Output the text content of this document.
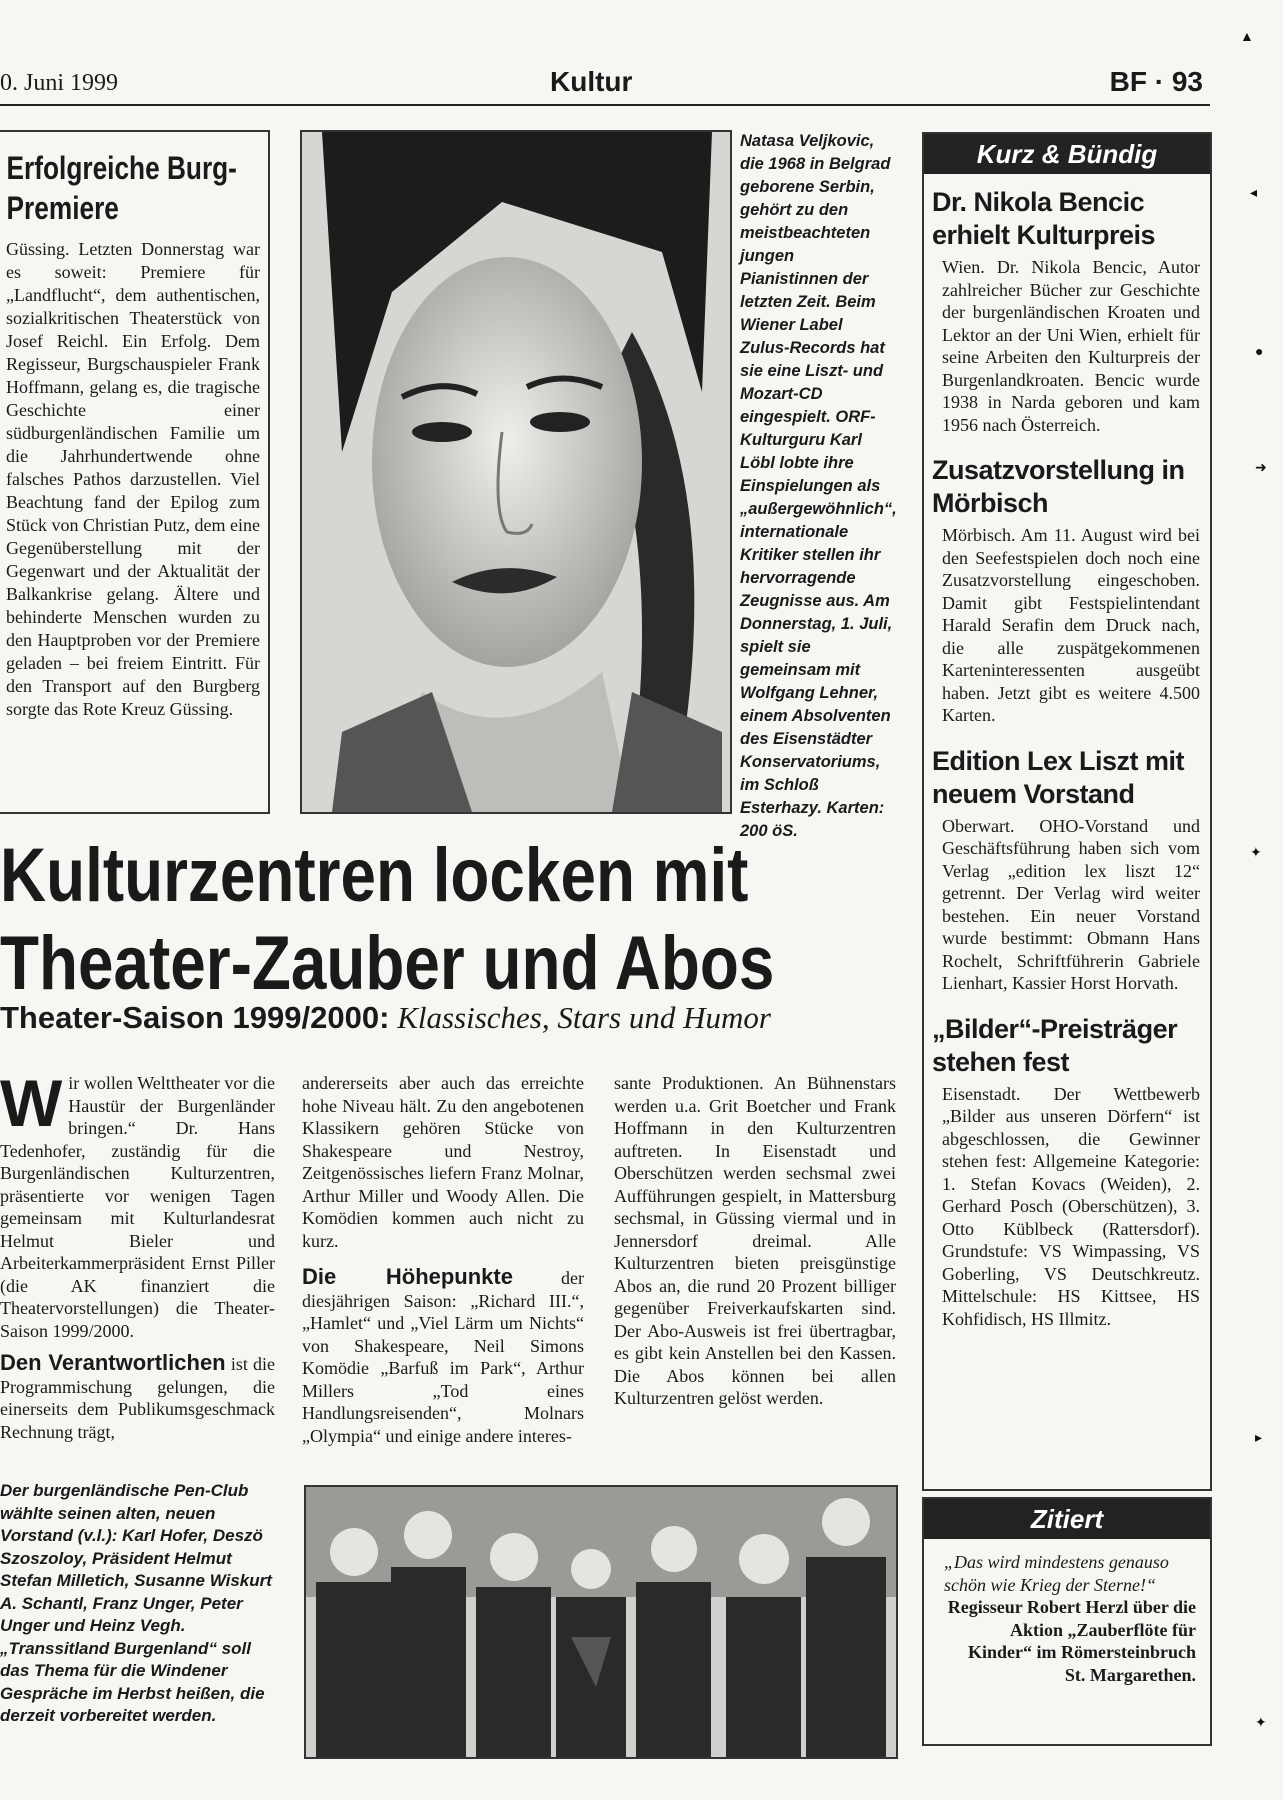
0. Juni 1999	Kultur	BF · 93
Erfolgreiche Burg-Premiere
Güssing. Letzten Donnerstag war es soweit: Premiere für „Landflucht“, dem authentischen, sozialkritischen Theaterstück von Josef Reichl. Ein Erfolg. Dem Regisseur, Burgschauspieler Frank Hoffmann, gelang es, die tragische Geschichte einer südburgenländischen Familie um die Jahrhundertwende ohne falsches Pathos darzustellen. Viel Beachtung fand der Epilog zum Stück von Christian Putz, dem eine Gegenüberstellung mit der Gegenwart und der Aktualität der Balkankrise gelang. Ältere und behinderte Menschen wurden zu den Hauptproben vor der Premiere geladen – bei freiem Eintritt. Für den Transport auf den Burgberg sorgte das Rote Kreuz Güssing.
Natasa Veljkovic, die 1968 in Belgrad geborene Serbin, gehört zu den meistbeachteten jungen Pianistinnen der letzten Zeit. Beim Wiener Label Zulus-Records hat sie eine Liszt- und Mozart-CD eingespielt. ORF-Kulturguru Karl Löbl lobte ihre Einspielungen als „außergewöhnlich“, internationale Kritiker stellen ihr hervorragende Zeugnisse aus. Am Donnerstag, 1. Juli, spielt sie gemeinsam mit Wolfgang Lehner, einem Absolventen des Eisenstädter Konservatoriums, im Schloß Esterhazy. Karten: 200 öS.
Kurz & Bündig
Dr. Nikola Bencic erhielt Kulturpreis
Wien. Dr. Nikola Bencic, Autor zahlreicher Bücher zur Geschichte der burgenländischen Kroaten und Lektor an der Uni Wien, erhielt für seine Arbeiten den Kulturpreis der Burgenlandkroaten. Bencic wurde 1938 in Narda geboren und kam 1956 nach Österreich.
Zusatzvorstellung in Mörbisch
Mörbisch. Am 11. August wird bei den Seefestspielen doch noch eine Zusatzvorstellung eingeschoben. Damit gibt Festspielintendant Harald Serafin dem Druck nach, die alle zuspätgekommenen Karteninteressenten ausgeübt haben. Jetzt gibt es weitere 4.500 Karten.
Edition Lex Liszt mit neuem Vorstand
Oberwart. OHO-Vorstand und Geschäftsführung haben sich vom Verlag „edition lex liszt 12“ getrennt. Der Verlag wird weiter bestehen. Ein neuer Vorstand wurde bestimmt: Obmann Hans Rochelt, Schriftführerin Gabriele Lienhart, Kassier Horst Horvath.
„Bilder“-Preisträger stehen fest
Eisenstadt. Der Wettbewerb „Bilder aus unseren Dörfern“ ist abgeschlossen, die Gewinner stehen fest: Allgemeine Kategorie: 1. Stefan Kovacs (Weiden), 2. Gerhard Posch (Oberschützen), 3. Otto Küblbeck (Rattersdorf). Grundstufe: VS Wimpassing, VS Goberling, VS Deutschkreutz. Mittelschule: HS Kittsee, HS Kohfidisch, HS Illmitz.
Kulturzentren locken mit
Theater-Zauber und Abos
Theater-Saison 1999/2000: Klassisches, Stars und Humor
W ir wollen Welttheater vor die Haustür der Burgenländer bringen.“ Dr. Hans Tedenhofer, zuständig für die Burgenländischen Kulturzentren, präsentierte vor wenigen Tagen gemeinsam mit Kulturlandesrat Helmut Bieler und Arbeiterkammerpräsident Ernst Piller (die AK finanziert die Theatervorstellungen) die Theater-Saison 1999/2000.
Den Verantwortlichen ist die Programmischung gelungen, die einerseits dem Publikumsgeschmack Rechnung trägt,
andererseits aber auch das erreichte hohe Niveau hält. Zu den angebotenen Klassikern gehören Stücke von Shakespeare und Nestroy, Zeitgenössisches liefern Franz Molnar, Arthur Miller und Woody Allen. Die Komödien kommen auch nicht zu kurz.
Die Höhepunkte	der diesjährigen Saison: „Richard III.“, „Hamlet“ und „Viel Lärm um Nichts“ von Shakespeare, Neil Simons Komödie „Barfuß im Park“, Arthur Millers „Tod eines Handlungsreisenden“, Molnars „Olympia“ und einige andere interes-
sante Produktionen. An Bühnenstars werden u.a. Grit Boetcher und Frank Hoffmann in den Kulturzentren auftreten. In Eisenstadt und Oberschützen werden sechsmal zwei Aufführungen gespielt, in Mattersburg sechsmal, in Güssing viermal und in Jennersdorf dreimal. Alle Kulturzentren bieten preisgünstige Abos an, die rund 20 Prozent billiger gegenüber Freiverkaufskarten sind. Der Abo-Ausweis ist frei übertragbar, es gibt kein Anstellen bei den Kassen. Die Abos können bei allen Kulturzentren gelöst werden.
Der burgenländische Pen-Club wählte seinen alten, neuen Vorstand (v.l.): Karl Hofer, Deszö Szoszoloy, Präsident Helmut Stefan Milletich, Susanne Wiskurt A. Schantl, Franz Unger, Peter Unger und Heinz Vegh. „Transsitland Burgenland“ soll das Thema für die Windener Gespräche im Herbst heißen, die derzeit vorbereitet werden.
Zitiert
„Das wird mindestens genauso schön wie Krieg der Sterne!“
Regisseur Robert Herzl über die Aktion „Zauberflöte für Kinder“ im Römersteinbruch St. Margarethen.
▲
◂
●
➜
✦
▸
✦
